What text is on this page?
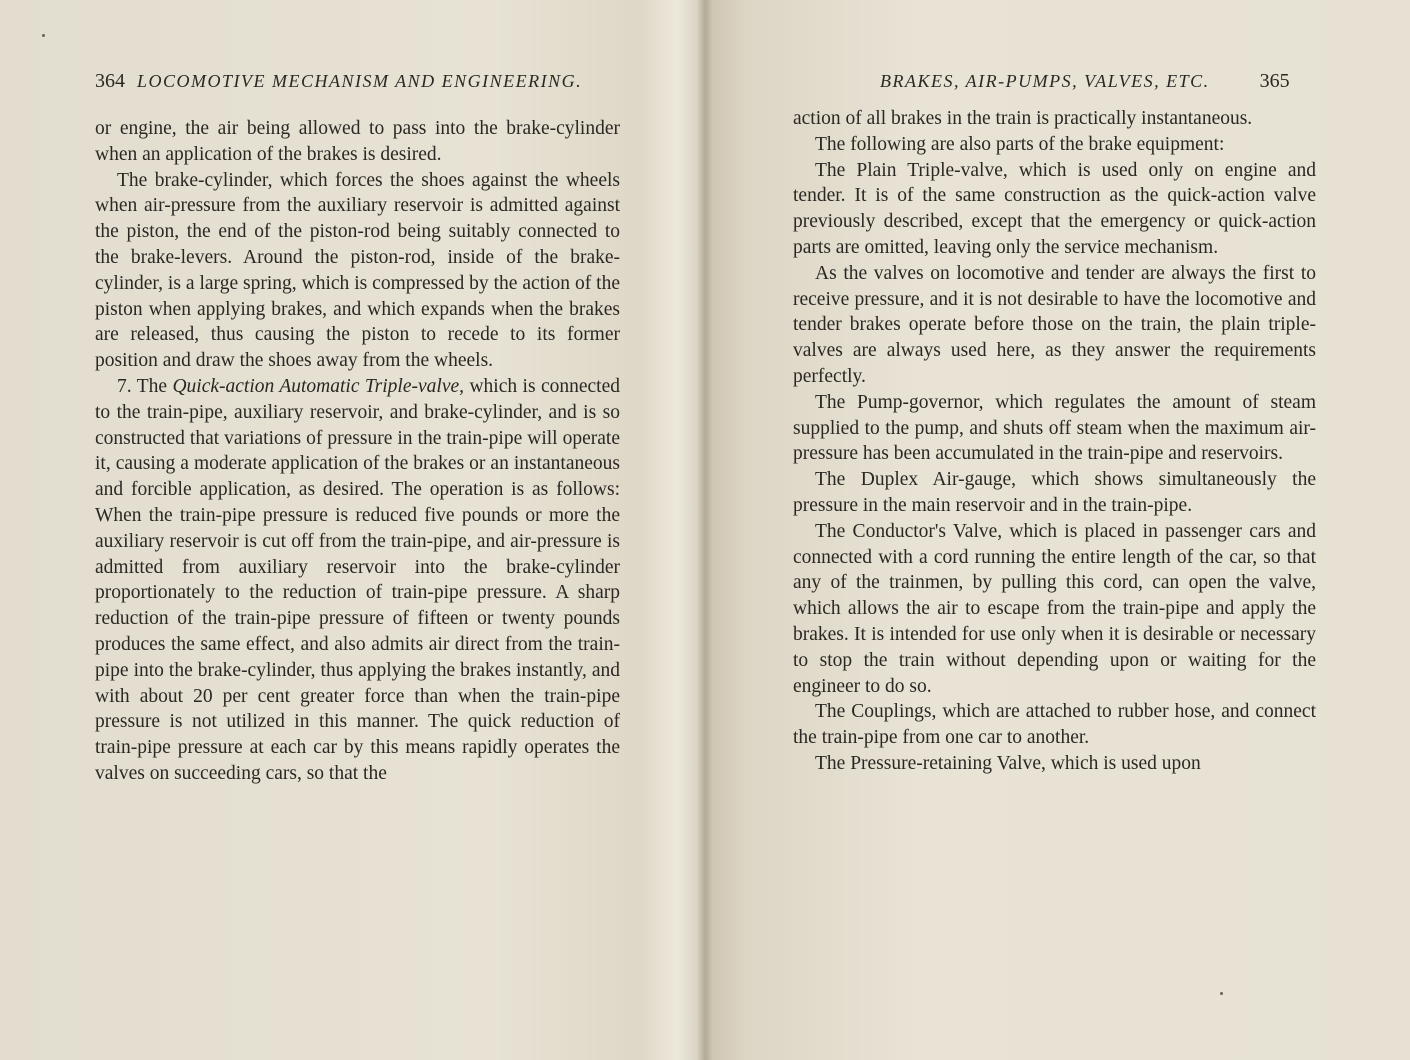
364 LOCOMOTIVE MECHANISM AND ENGINEERING.

or engine, the air being allowed to pass into the brake-cylinder when an application of the brakes is desired.

The brake-cylinder, which forces the shoes against the wheels when air-pressure from the auxiliary reservoir is admitted against the piston, the end of the piston-rod being suitably connected to the brake-levers. Around the piston-rod, inside of the brake-cylinder, is a large spring, which is compressed by the action of the piston when applying brakes, and which expands when the brakes are released, thus causing the piston to recede to its former position and draw the shoes away from the wheels.

7. The Quick-action Automatic Triple-valve, which is connected to the train-pipe, auxiliary reservoir, and brake-cylinder, and is so constructed that variations of pressure in the train-pipe will operate it, causing a moderate application of the brakes or an instantaneous and forcible application, as desired. The operation is as follows: When the train-pipe pressure is reduced five pounds or more the auxiliary reservoir is cut off from the train-pipe, and air-pressure is admitted from auxiliary reservoir into the brake-cylinder proportionately to the reduction of train-pipe pressure. A sharp reduction of the train-pipe pressure of fifteen or twenty pounds produces the same effect, and also admits air direct from the train-pipe into the brake-cylinder, thus applying the brakes instantly, and with about 20 per cent greater force than when the train-pipe pressure is not utilized in this manner. The quick reduction of train-pipe pressure at each car by this means rapidly operates the valves on succeeding cars, so that the

BRAKES, AIR-PUMPS, VALVES, ETC.	365

action of all brakes in the train is practically instantaneous.

The following are also parts of the brake equipment:

The Plain Triple-valve, which is used only on engine and tender. It is of the same construction as the quick-action valve previously described, except that the emergency or quick-action parts are omitted, leaving only the service mechanism.

As the valves on locomotive and tender are always the first to receive pressure, and it is not desirable to have the locomotive and tender brakes operate before those on the train, the plain triple-valves are always used here, as they answer the requirements perfectly.

The Pump-governor, which regulates the amount of steam supplied to the pump, and shuts off steam when the maximum air-pressure has been accumulated in the train-pipe and reservoirs.

The Duplex Air-gauge, which shows simultaneously the pressure in the main reservoir and in the train-pipe.

The Conductor's Valve, which is placed in passenger cars and connected with a cord running the entire length of the car, so that any of the trainmen, by pulling this cord, can open the valve, which allows the air to escape from the train-pipe and apply the brakes. It is intended for use only when it is desirable or necessary to stop the train without depending upon or waiting for the engineer to do so.

The Couplings, which are attached to rubber hose, and connect the train-pipe from one car to another.

The Pressure-retaining Valve, which is used upon
